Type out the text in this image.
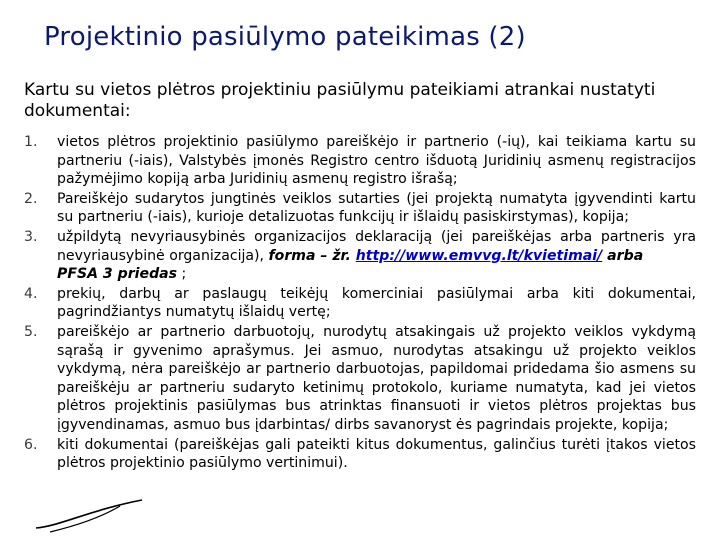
Projektinio pasiūlymo pateikimas (2)
Kartu su vietos plėtros projektiniu pasiūlymu pateikiami atrankai nustatyti dokumentai:
1. vietos plėtros projektinio pasiūlymo pareiškėjo ir partnerio (-ių), kai teikiama kartu su partneriu (-iais), Valstybės įmonės Registro centro išduotą Juridinių asmenų registracijos pažymėjimo kopiją arba Juridinių asmenų registro išrašą;
2. Pareiškėjo sudarytos jungtinės veiklos sutarties (jei projektą numatyta įgyvendinti kartu su partneriu (-iais), kurioje detalizuotas funkcijų ir išlaidų pasiskirstymas), kopija;
3. užpildytą nevyriausybinės organizacijos deklaraciją (jei pareiškėjas arba partneris yra nevyriausybinė organizacija), forma – žr. http://www.emvvg.lt/kvietimai/ arba
PFSA 3 priedas ;
4. prekių, darbų ar paslaugų teikėjų komerciniai pasiūlymai arba kiti dokumentai, pagrindžiantys numatytų išlaidų vertę;
5. pareiškėjo ar partnerio darbuotojų, nurodytų atsakingais už projekto veiklos vykdymą sąrašą ir gyvenimo aprašymus. Jei asmuo, nurodytas atsakingu už projekto veiklos vykdymą, nėra pareiškėjo ar partnerio darbuotojas, papildomai pridedama šio asmens su pareiškėju ar partneriu sudaryto ketinimų protokolo, kuriame numatyta, kad jei vietos plėtros projektinis pasiūlymas bus atrinktas finansuoti ir vietos plėtros projektas bus įgyvendinamas, asmuo bus įdarbintas/ dirbs savanoryst ės pagrindais projekte, kopija;
6. kiti dokumentai (pareiškėjas gali pateikti kitus dokumentus, galinčius turėti įtakos vietos plėtros projektinio pasiūlymo vertinimui).
